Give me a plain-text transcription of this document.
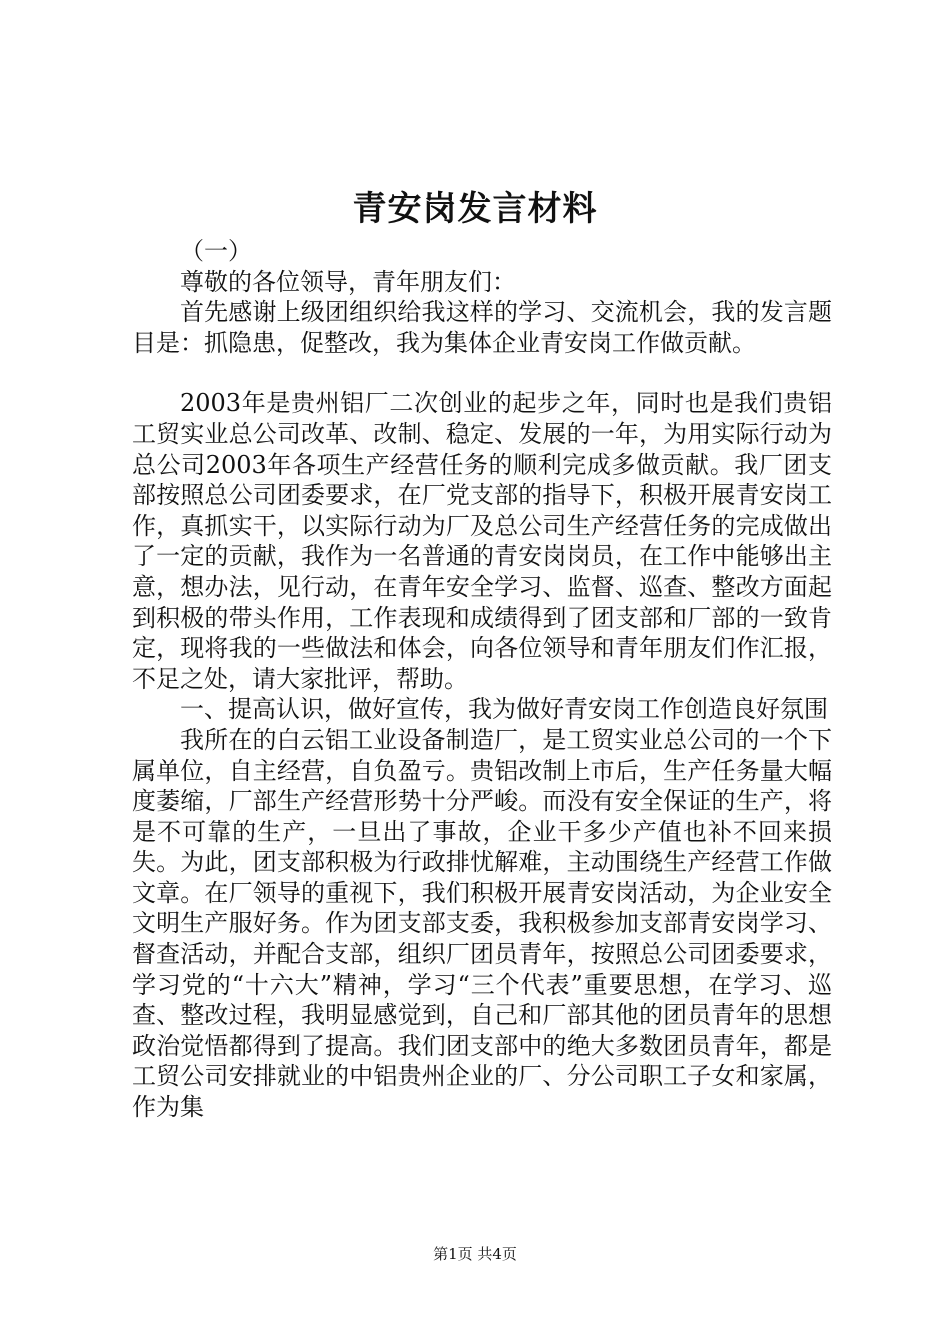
青安岗发言材料

（一）

尊敬的各位领导，青年朋友们：

首先感谢上级团组织给我这样的学习、交流机会，我的发言题目是：抓隐患，促整改，我为集体企业青安岗工作做贡献。

2003年是贵州铝厂二次创业的起步之年，同时也是我们贵铝工贸实业总公司改革、改制、稳定、发展的一年，为用实际行动为总公司2003年各项生产经营任务的顺利完成多做贡献。我厂团支部按照总公司团委要求，在厂党支部的指导下，积极开展青安岗工作，真抓实干，以实际行动为厂及总公司生产经营任务的完成做出了一定的贡献，我作为一名普通的青安岗岗员，在工作中能够出主意，想办法，见行动，在青年安全学习、监督、巡查、整改方面起到积极的带头作用，工作表现和成绩得到了团支部和厂部的一致肯定，现将我的一些做法和体会，向各位领导和青年朋友们作汇报，不足之处，请大家批评，帮助。

一、提高认识，做好宣传，我为做好青安岗工作创造良好氛围

我所在的白云铝工业设备制造厂，是工贸实业总公司的一个下属单位，自主经营，自负盈亏。贵铝改制上市后，生产任务量大幅度萎缩，厂部生产经营形势十分严峻。而没有安全保证的生产，将是不可靠的生产，一旦出了事故，企业干多少产值也补不回来损失。为此，团支部积极为行政排忧解难，主动围绕生产经营工作做文章。在厂领导的重视下，我们积极开展青安岗活动，为企业安全文明生产服好务。作为团支部支委，我积极参加支部青安岗学习、督查活动，并配合支部，组织厂团员青年，按照总公司团委要求，学习党的“十六大”精神，学习“三个代表”重要思想，在学习、巡查、整改过程，我明显感觉到，自己和厂部其他的团员青年的思想政治觉悟都得到了提高。我们团支部中的绝大多数团员青年，都是工贸公司安排就业的中铝贵州企业的厂、分公司职工子女和家属，作为集

第1页 共4页
